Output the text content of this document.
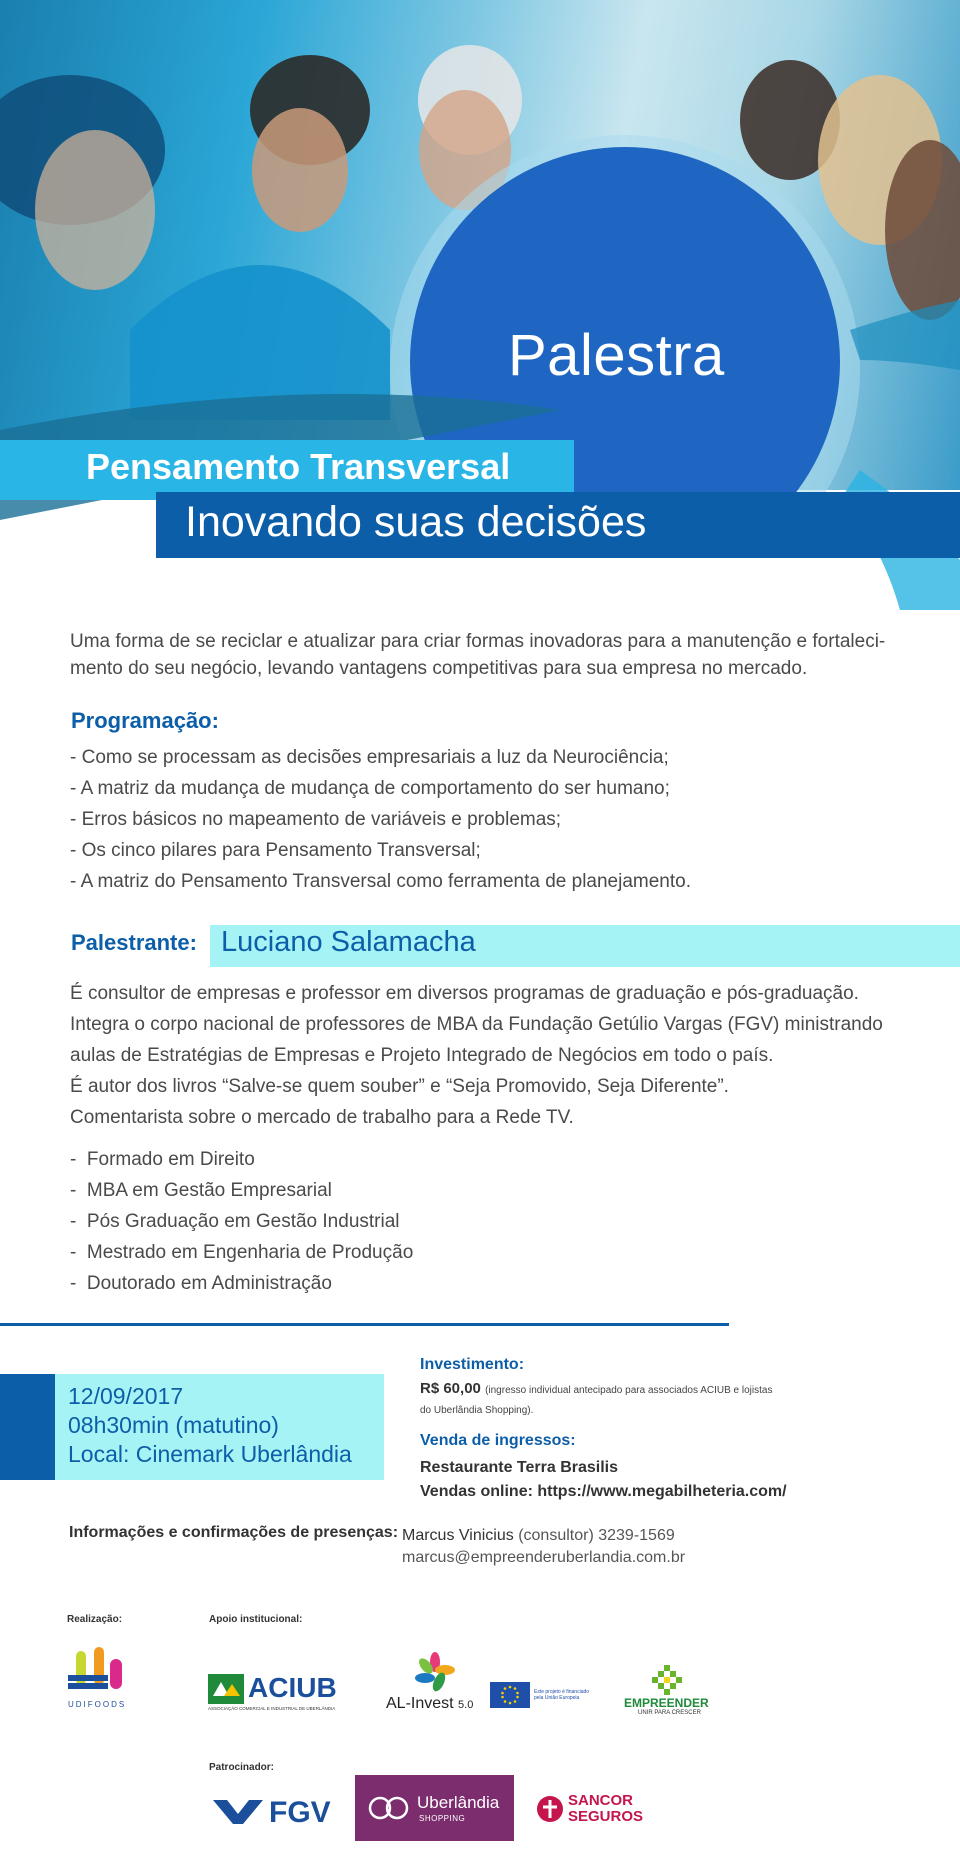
Palestra
Pensamento Transversal
Inovando suas decisões

Uma forma de se reciclar e atualizar para criar formas inovadoras para a manutenção e fortaleci-mento do seu negócio, levando vantagens competitivas para sua empresa no mercado.

Programação:
- Como se processam as decisões empresariais a luz da Neurociência;
- A matriz da mudança de mudança de comportamento do ser humano;
- Erros básicos no mapeamento de variáveis e problemas;
- Os cinco pilares para Pensamento Transversal;
- A matriz do Pensamento Transversal como ferramenta de planejamento.
Palestrante: Luciano Salamacha
É consultor de empresas e professor em diversos programas de graduação e pós-graduação.
Integra o corpo nacional de professores de MBA da Fundação Getúlio Vargas (FGV) ministrando
aulas de Estratégias de Empresas e Projeto Integrado de Negócios em todo o país.
É autor dos livros “Salve-se quem souber” e “Seja Promovido, Seja Diferente”.
Comentarista sobre o mercado de trabalho para a Rede TV.
- Formado em Direito
- MBA em Gestão Empresarial
- Pós Graduação em Gestão Industrial
- Mestrado em Engenharia de Produção
- Doutorado em Administração
12/09/2017
08h30min (matutino)
Local: Cinemark Uberlândia
Investimento:
R$ 60,00 (ingresso individual antecipado para associados ACIUB e lojistas
do Uberlândia Shopping).
Venda de ingressos:
Restaurante Terra Brasilis
Vendas online: https://www.megabilheteria.com/
Informações e confirmações de presenças: Marcus Vinicius (consultor) 3239-1569
marcus@empreenderuberlandia.com.br
Realização:	Apoio institucional:
UDIFOODS
ACIUB
ASSOCIAÇÃO COMERCIAL E INDUSTRIAL DE UBERLÂNDIA	AL-Invest 5.0
Este projeto é financiado
pela União Europeia	EMPREENDER
UNIR PARA CRESCER
Patrocinador:
FGV	Uberlândia
SHOPPING
SANCOR
SEGUROS
